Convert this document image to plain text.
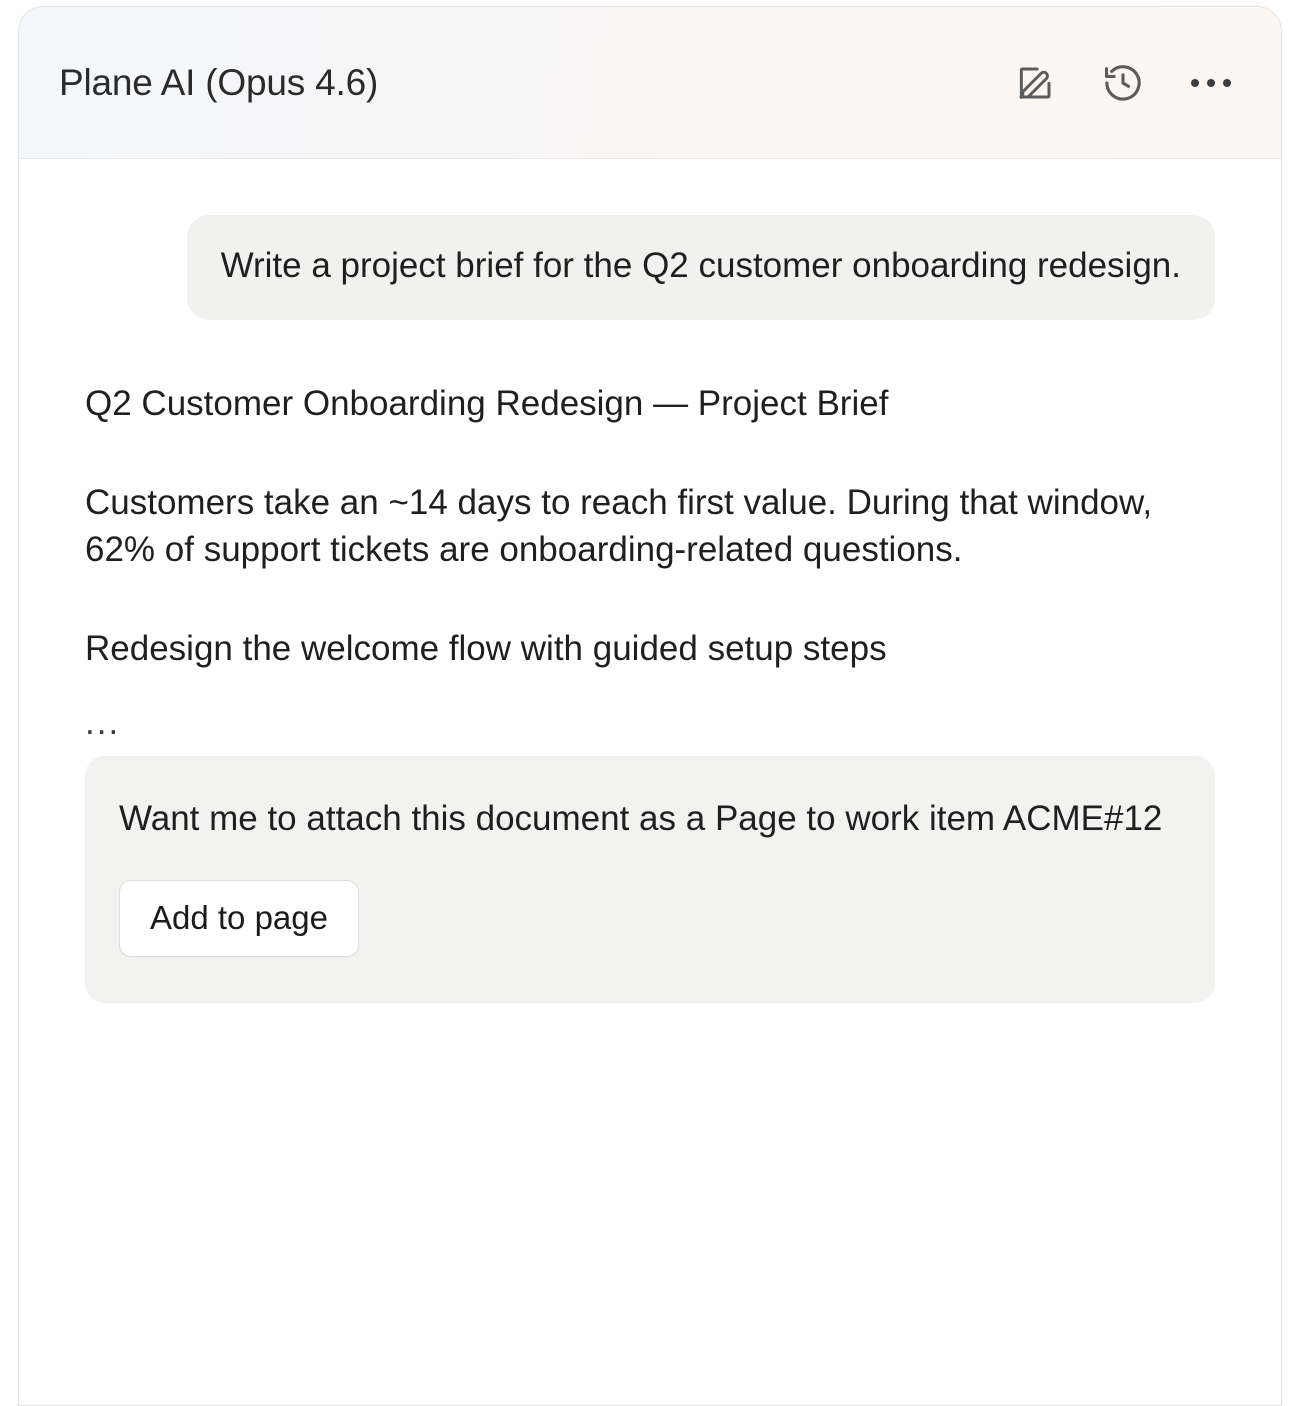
Plane AI (Opus 4.6)
Write a project brief for the Q2 customer onboarding redesign.
Q2 Customer Onboarding Redesign — Project Brief

Customers take an ~14 days to reach first value. During that window, 62% of support tickets are onboarding-related questions.

Redesign the welcome flow with guided setup steps

...
Want me to attach this document as a Page to work item ACME#12
Add to page
